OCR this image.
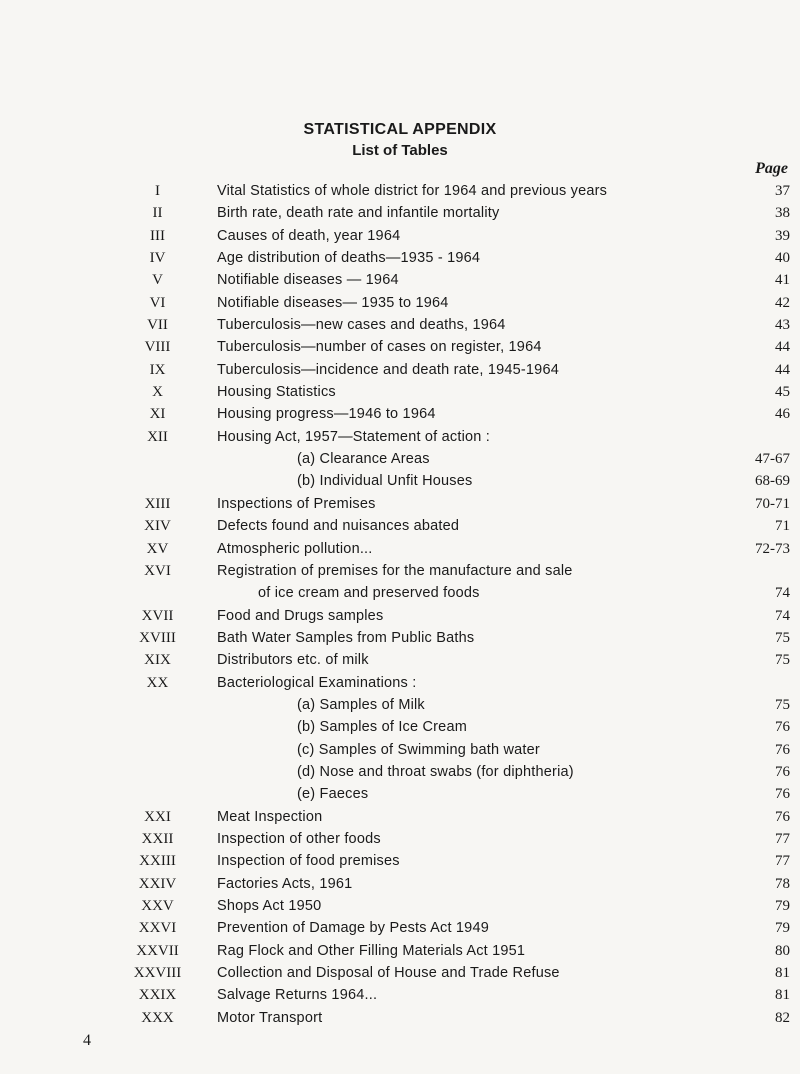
STATISTICAL APPENDIX
List of Tables
Page
I	Vital Statistics of whole district for 1964 and previous years	37
II	Birth rate, death rate and infantile mortality	38
III	Causes of death, year 1964	39
IV	Age distribution of deaths—1935 - 1964	40
V	Notifiable diseases — 1964	41
VI	Notifiable diseases— 1935 to 1964	42
VII	Tuberculosis—new cases and deaths, 1964	43
VIII	Tuberculosis—number of cases on register, 1964	44
IX	Tuberculosis—incidence and death rate, 1945-1964	44
X	Housing Statistics	45
XI	Housing progress—1946 to 1964	46
XII	Housing Act, 1957—Statement of action :
(a) Clearance Areas	47-67
(b) Individual Unfit Houses	68-69
XIII	Inspections of Premises	70-71
XIV	Defects found and nuisances abated	71
XV	Atmospheric pollution...	72-73
XVI	Registration of premises for the manufacture and sale
of ice cream and preserved foods	74
XVII	Food and Drugs samples	74
XVIII	Bath Water Samples from Public Baths	75
XIX	Distributors etc. of milk	75
XX	Bacteriological Examinations :
(a) Samples of Milk	75
(b) Samples of Ice Cream	76
(c) Samples of Swimming bath water	76
(d) Nose and throat swabs (for diphtheria)	76
(e) Faeces	76
XXI	Meat Inspection	76
XXII	Inspection of other foods	77
XXIII	Inspection of food premises	77
XXIV	Factories Acts, 1961	78
XXV	Shops Act 1950	79
XXVI	Prevention of Damage by Pests Act 1949	79
XXVII	Rag Flock and Other Filling Materials Act 1951	80
XXVIII	Collection and Disposal of House and Trade Refuse	81
XXIX	Salvage Returns 1964...	81
XXX	Motor Transport	82
4
